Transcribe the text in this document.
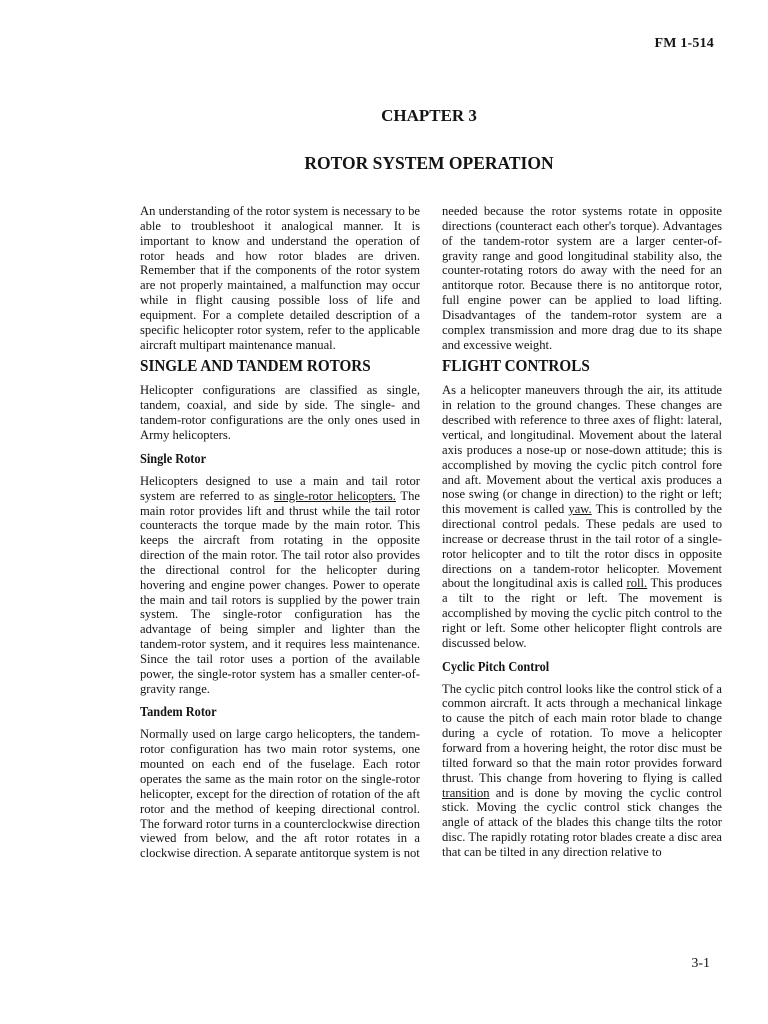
FM 1-514
CHAPTER 3
ROTOR SYSTEM OPERATION

An understanding of the rotor system is necessary to be able to troubleshoot it analogical manner. It is important to know and understand the operation of rotor heads and how rotor blades are driven. Remember that if the components of the rotor system are not properly maintained, a malfunction may occur while in flight causing possible loss of life and equipment. For a complete detailed description of a specific helicopter rotor system, refer to the applicable aircraft multipart maintenance manual.

SINGLE AND TANDEM ROTORS

Helicopter configurations are classified as single, tandem, coaxial, and side by side. The single- and tandem-rotor configurations are the only ones used in Army helicopters.

Single Rotor

Helicopters designed to use a main and tail rotor system are referred to as single-rotor helicopters. The main rotor provides lift and thrust while the tail rotor counteracts the torque made by the main rotor. This keeps the aircraft from rotating in the opposite direction of the main rotor. The tail rotor also provides the directional control for the helicopter during hovering and engine power changes. Power to operate the main and tail rotors is supplied by the power train system. The single-rotor configuration has the advantage of being simpler and lighter than the tandem-rotor system, and it requires less maintenance. Since the tail rotor uses a portion of the available power, the single-rotor system has a smaller center-of-gravity range.

Tandem Rotor

Normally used on large cargo helicopters, the tandem-rotor configuration has two main rotor systems, one mounted on each end of the fuselage. Each rotor operates the same as the main rotor on the single-rotor helicopter, except for the direction of rotation of the aft rotor and the method of keeping directional control. The forward rotor turns in a counterclockwise direction viewed from below, and the aft rotor rotates in a clockwise direction. A separate antitorque system is not

needed because the rotor systems rotate in opposite directions (counteract each other's torque). Advantages of the tandem-rotor system are a larger center-of-gravity range and good longitudinal stability also, the counter-rotating rotors do away with the need for an antitorque rotor. Because there is no antitorque rotor, full engine power can be applied to load lifting. Disadvantages of the tandem-rotor system are a complex transmission and more drag due to its shape and excessive weight.

FLIGHT CONTROLS

As a helicopter maneuvers through the air, its attitude in relation to the ground changes. These changes are described with reference to three axes of flight: lateral, vertical, and longitudinal. Movement about the lateral axis produces a nose-up or nose-down attitude; this is accomplished by moving the cyclic pitch control fore and aft. Movement about the vertical axis produces a nose swing (or change in direction) to the right or left; this movement is called yaw. This is controlled by the directional control pedals. These pedals are used to increase or decrease thrust in the tail rotor of a single-rotor helicopter and to tilt the rotor discs in opposite directions on a tandem-rotor helicopter. Movement about the longitudinal axis is called roll. This produces a tilt to the right or left. The movement is accomplished by moving the cyclic pitch control to the right or left. Some other helicopter flight controls are discussed below.

Cyclic Pitch Control

The cyclic pitch control looks like the control stick of a common aircraft. It acts through a mechanical linkage to cause the pitch of each main rotor blade to change during a cycle of rotation. To move a helicopter forward from a hovering height, the rotor disc must be tilted forward so that the main rotor provides forward thrust. This change from hovering to flying is called transition and is done by moving the cyclic control stick. Moving the cyclic control stick changes the angle of attack of the blades this change tilts the rotor disc. The rapidly rotating rotor blades create a disc area that can be tilted in any direction relative to

3-1
